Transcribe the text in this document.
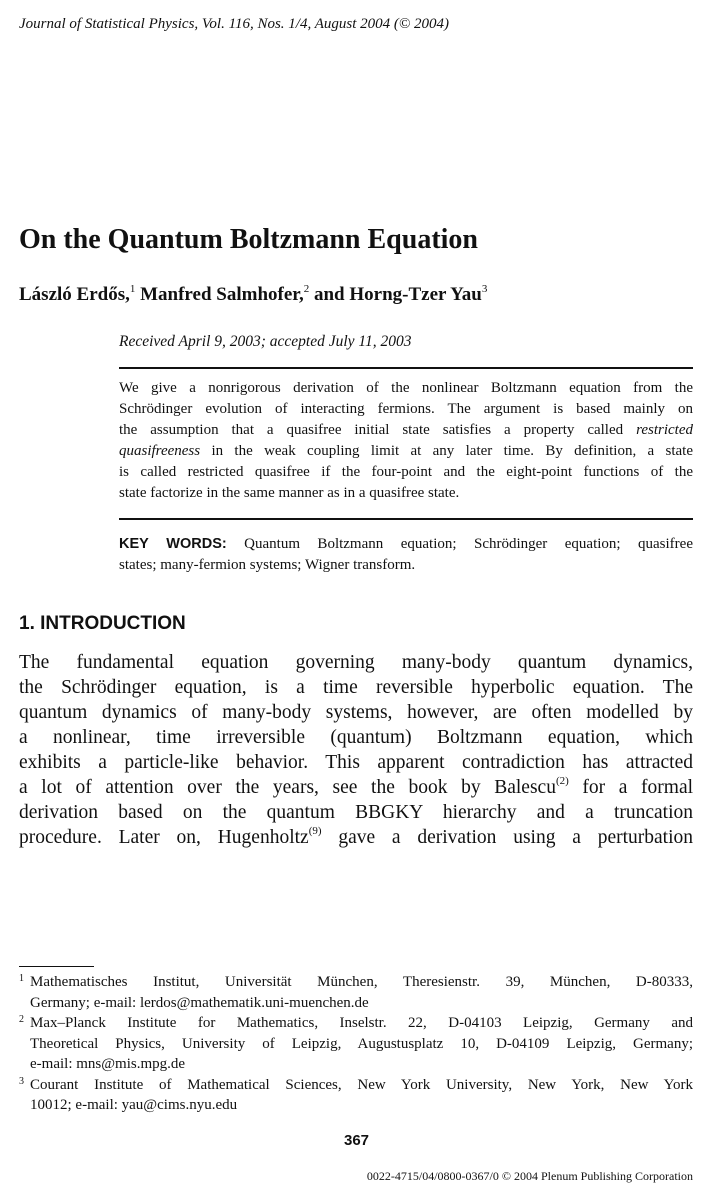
Journal of Statistical Physics, Vol. 116, Nos. 1/4, August 2004 (© 2004)
On the Quantum Boltzmann Equation
László Erdős,$^1$ Manfred Salmhofer,$^2$ and Horng-Tzer Yau$^3$
Received April 9, 2003; accepted July 11, 2003
We give a nonrigorous derivation of the nonlinear Boltzmann equation from the
Schrödinger evolution of interacting fermions. The argument is based mainly on
the assumption that a quasifree initial state satisfies a property called restricted
quasifreeness in the weak coupling limit at any later time. By definition, a state
is called restricted quasifree if the four-point and the eight-point functions of the
state factorize in the same manner as in a quasifree state.
KEY WORDS: Quantum Boltzmann equation; Schrödinger equation; quasifree
states; many-fermion systems; Wigner transform.
1. INTRODUCTION
The fundamental equation governing many-body quantum dynamics,
the Schrödinger equation, is a time reversible hyperbolic equation. The
quantum dynamics of many-body systems, however, are often modelled by
a nonlinear, time irreversible (quantum) Boltzmann equation, which
exhibits a particle-like behavior. This apparent contradiction has attracted
a lot of attention over the years, see the book by Balescu$^{(2)}$ for a formal
derivation based on the quantum BBGKY hierarchy and a truncation
procedure. Later on, Hugenholtz$^{(9)}$ gave a derivation using a perturbation
1 Mathematisches Institut, Universität München, Theresienstr. 39, München, D-80333,
Germany; e-mail: lerdos@mathematik.uni-muenchen.de
2 Max–Planck Institute for Mathematics, Inselstr. 22, D-04103 Leipzig, Germany and
Theoretical Physics, University of Leipzig, Augustusplatz 10, D-04109 Leipzig, Germany;
e-mail: mns@mis.mpg.de
3 Courant Institute of Mathematical Sciences, New York University, New York, New York
10012; e-mail: yau@cims.nyu.edu
367
0022-4715/04/0800-0367/0 © 2004 Plenum Publishing Corporation
